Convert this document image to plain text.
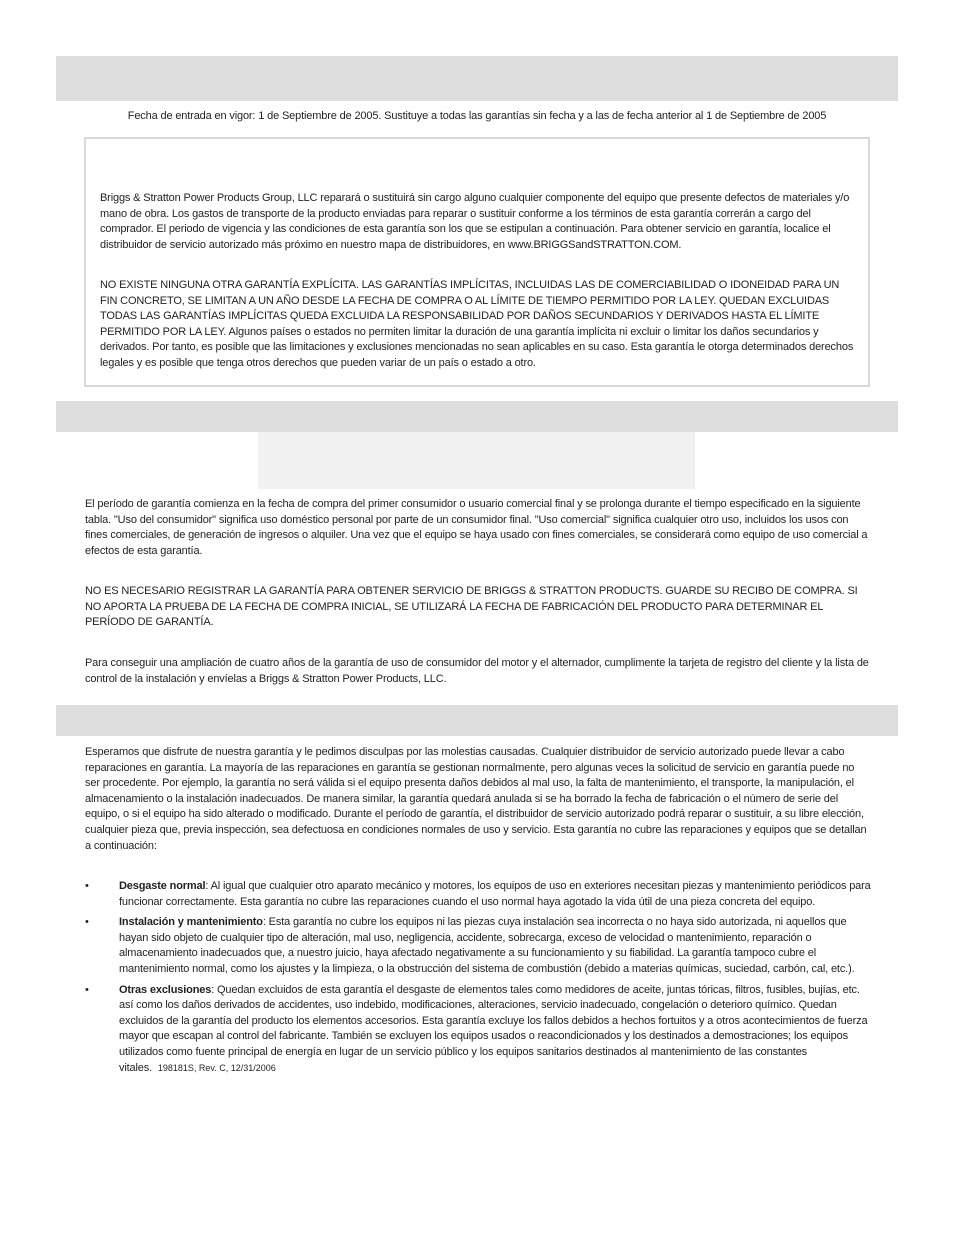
Fecha de entrada en vigor: 1 de Septiembre de 2005. Sustituye a todas las garantías sin fecha y a las de fecha anterior al 1 de Septiembre de 2005

Briggs & Stratton Power Products Group, LLC reparará o sustituirá sin cargo alguno cualquier componente del equipo que presente defectos de materiales y/o mano de obra. Los gastos de transporte de la producto enviadas para reparar o sustituir conforme a los términos de esta garantía correrán a cargo del comprador. El periodo de vigencia y las condiciones de esta garantía son los que se estipulan a continuación. Para obtener servicio en garantía, localice el distribuidor de servicio autorizado más próximo en nuestro mapa de distribuidores, en www.BRIGGSandSTRATTON.COM.

NO EXISTE NINGUNA OTRA GARANTÍA EXPLÍCITA. LAS GARANTÍAS IMPLÍCITAS, INCLUIDAS LAS DE COMERCIABILIDAD O IDONEIDAD PARA UN FIN CONCRETO, SE LIMITAN A UN AÑO DESDE LA FECHA DE COMPRA O AL LÍMITE DE TIEMPO PERMITIDO POR LA LEY. QUEDAN EXCLUIDAS TODAS LAS GARANTÍAS IMPLÍCITAS QUEDA EXCLUIDA LA RESPONSABILIDAD POR DAÑOS SECUNDARIOS Y DERIVADOS HASTA EL LÍMITE PERMITIDO POR LA LEY. Algunos países o estados no permiten limitar la duración de una garantía implícita ni excluir o limitar los daños secundarios y derivados. Por tanto, es posible que las limitaciones y exclusiones mencionadas no sean aplicables en su caso. Esta garantía le otorga determinados derechos legales y es posible que tenga otros derechos que pueden variar de un país o estado a otro.

El período de garantía comienza en la fecha de compra del primer consumidor o usuario comercial final y se prolonga durante el tiempo especificado en la siguiente tabla. "Uso del consumidor" significa uso doméstico personal por parte de un consumidor final. "Uso comercial" significa cualquier otro uso, incluidos los usos con fines comerciales, de generación de ingresos o alquiler. Una vez que el equipo se haya usado con fines comerciales, se considerará como equipo de uso comercial a efectos de esta garantía.

NO ES NECESARIO REGISTRAR LA GARANTÍA PARA OBTENER SERVICIO DE BRIGGS & STRATTON PRODUCTS. GUARDE SU RECIBO DE COMPRA. SI NO APORTA LA PRUEBA DE LA FECHA DE COMPRA INICIAL, SE UTILIZARÁ LA FECHA DE FABRICACIÓN DEL PRODUCTO PARA DETERMINAR EL PERÍODO DE GARANTÍA.

Para conseguir una ampliación de cuatro años de la garantía de uso de consumidor del motor y el alternador, cumplimente la tarjeta de registro del cliente y la lista de control de la instalación y envíelas a Briggs & Stratton Power Products, LLC.

Esperamos que disfrute de nuestra garantía y le pedimos disculpas por las molestias causadas. Cualquier distribuidor de servicio autorizado puede llevar a cabo reparaciones en garantía. La mayoría de las reparaciones en garantía se gestionan normalmente, pero algunas veces la solicitud de servicio en garantía puede no ser procedente. Por ejemplo, la garantía no será válida si el equipo presenta daños debidos al mal uso, la falta de mantenimiento, el transporte, la manipulación, el almacenamiento o la instalación inadecuados. De manera similar, la garantía quedará anulada si se ha borrado la fecha de fabricación o el número de serie del equipo, o si el equipo ha sido alterado o modificado. Durante el período de garantía, el distribuidor de servicio autorizado podrá reparar o sustituir, a su libre elección, cualquier pieza que, previa inspección, sea defectuosa en condiciones normales de uso y servicio. Esta garantía no cubre las reparaciones y equipos que se detallan a continuación:

•	Desgaste normal: Al igual que cualquier otro aparato mecánico y motores, los equipos de uso en exteriores necesitan piezas y mantenimiento periódicos para funcionar correctamente. Esta garantía no cubre las reparaciones cuando el uso normal haya agotado la vida útil de una pieza concreta del equipo.
•	Instalación y mantenimiento: Esta garantía no cubre los equipos ni las piezas cuya instalación sea incorrecta o no haya sido autorizada, ni aquellos que hayan sido objeto de cualquier tipo de alteración, mal uso, negligencia, accidente, sobrecarga, exceso de velocidad o mantenimiento, reparación o almacenamiento inadecuados que, a nuestro juicio, haya afectado negativamente a su funcionamiento y su fiabilidad. La garantía tampoco cubre el mantenimiento normal, como los ajustes y la limpieza, o la obstrucción del sistema de combustión (debido a materias químicas, suciedad, carbón, cal, etc.).
•	Otras exclusiones: Quedan excluidos de esta garantía el desgaste de elementos tales como medidores de aceite, juntas tóricas, filtros, fusibles, bujías, etc. así como los daños derivados de accidentes, uso indebido, modificaciones, alteraciones, servicio inadecuado, congelación o deterioro químico. Quedan excluidos de la garantía del producto los elementos accesorios. Esta garantía excluye los fallos debidos a hechos fortuitos y a otros acontecimientos de fuerza mayor que escapan al control del fabricante. También se excluyen los equipos usados o reacondicionados y los destinados a demostraciones; los equipos utilizados como fuente principal de energía en lugar de un servicio público y los equipos sanitarios destinados al mantenimiento de las constantes vitales. 198181S, Rev. C, 12/31/2006
